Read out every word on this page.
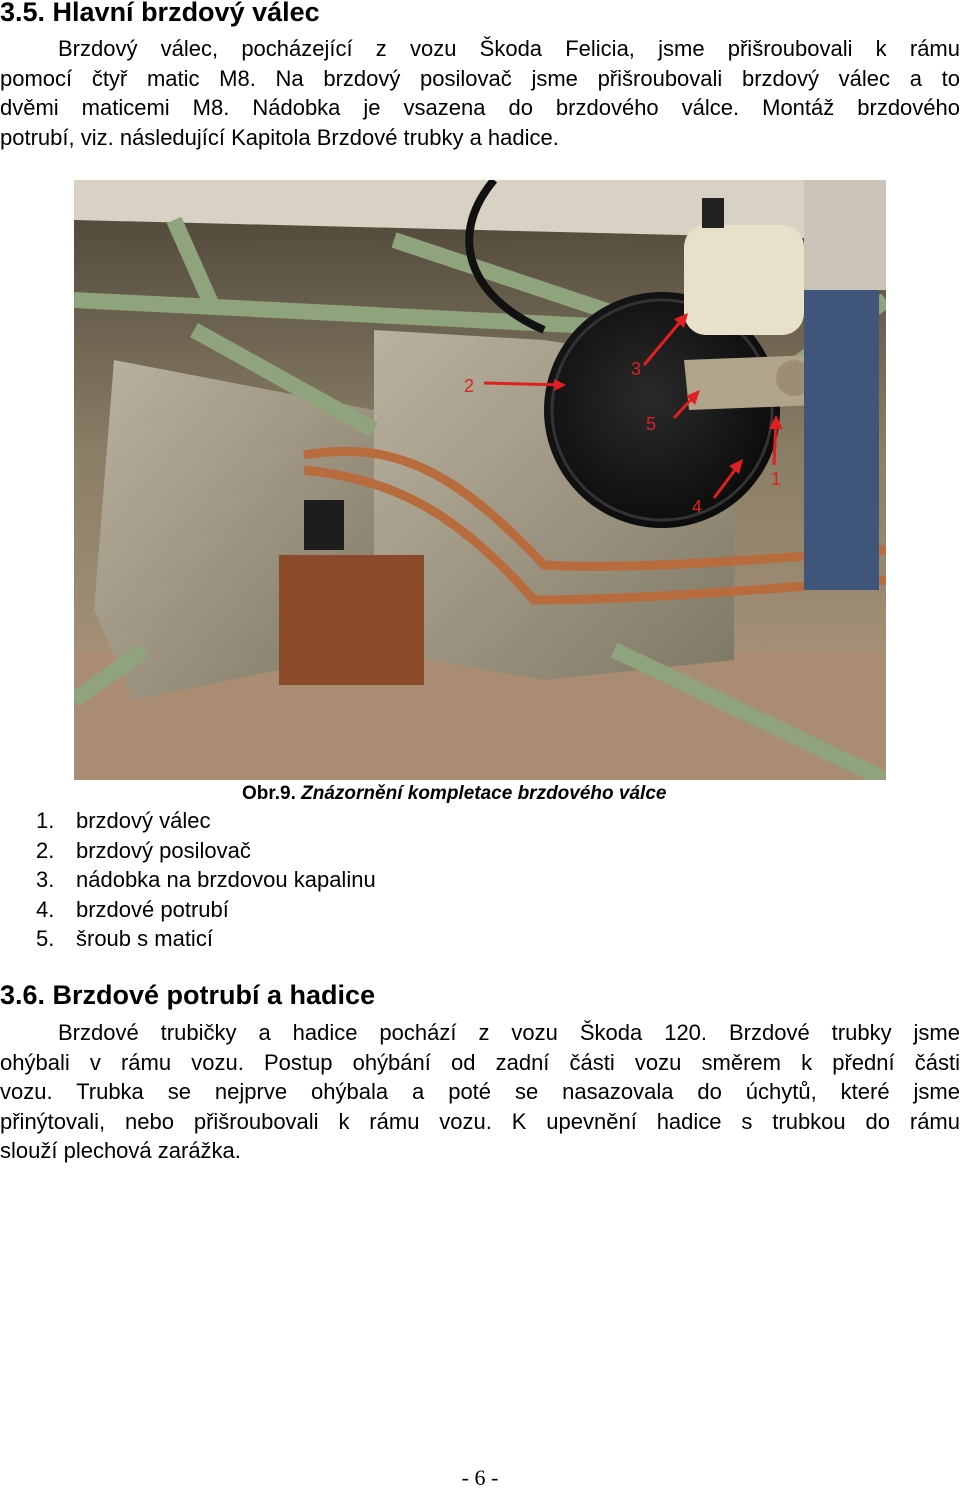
3.5. Hlavní brzdový válec
Brzdový válec, pocházející z vozu Škoda Felicia, jsme přišroubovali k rámu
pomocí čtyř matic M8. Na brzdový posilovač jsme přišroubovali brzdový válec a to
dvěmi maticemi M8. Nádobka je vsazena do brzdového válce. Montáž brzdového
potrubí, viz. následující Kapitola Brzdové trubky a hadice.
2
3
5
4
1
Obr.9. Znázornění kompletace brzdového válce
1. brzdový válec
2. brzdový posilovač
3. nádobka na brzdovou kapalinu
4. brzdové potrubí
5. šroub s maticí
3.6. Brzdové potrubí a hadice
Brzdové trubičky a hadice pochází z vozu Škoda 120. Brzdové trubky jsme
ohýbali v rámu vozu. Postup ohýbání od zadní části vozu směrem k přední části
vozu. Trubka se nejprve ohýbala a poté se nasazovala do úchytů, které jsme
přinýtovali, nebo přišroubovali k rámu vozu. K upevnění hadice s trubkou do rámu
slouží plechová zarážka.
- 6 -
